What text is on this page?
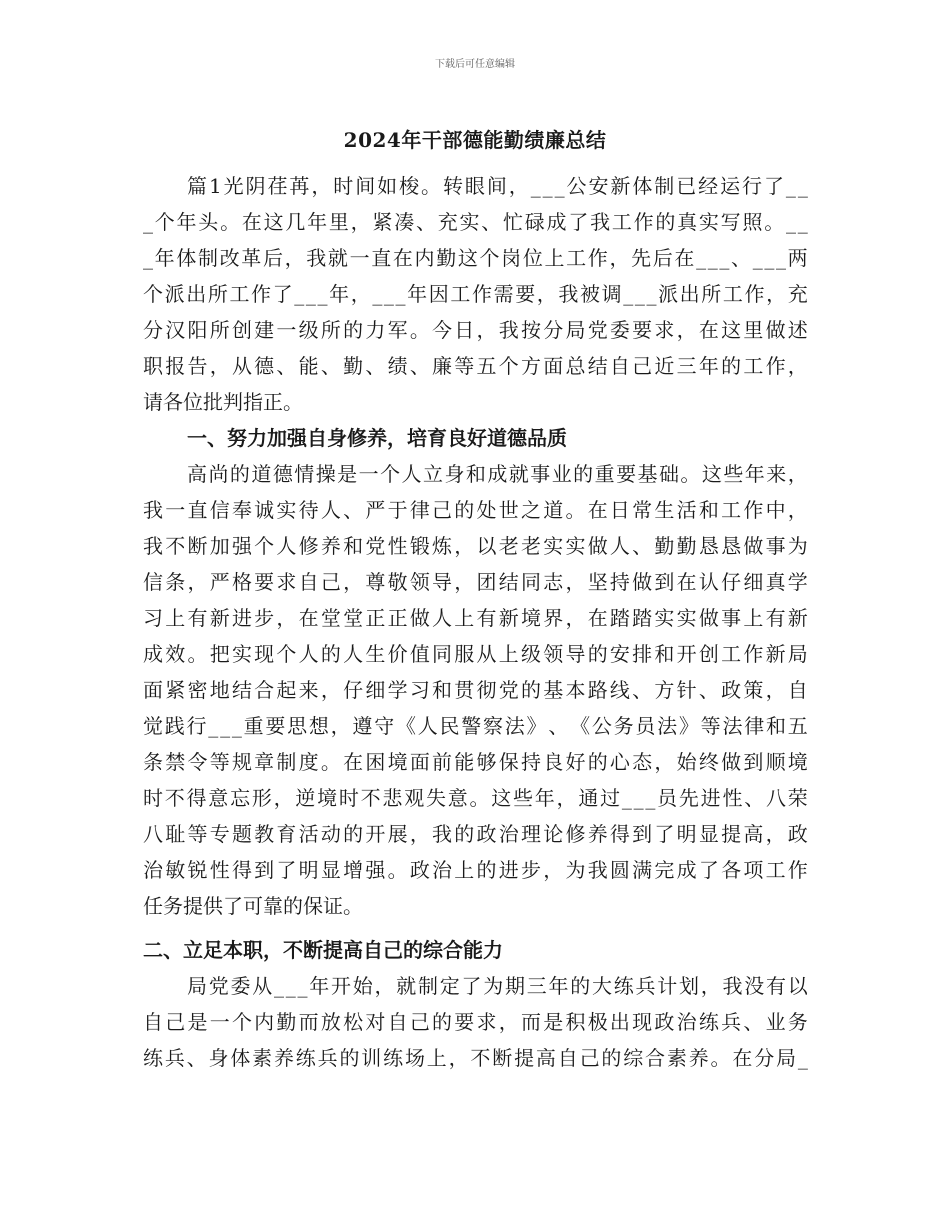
下载后可任意编辑
2024年干部德能勤绩廉总结
篇 1 光 阴 荏 苒 ， 时 间 如 梭 。 转 眼 间 ， _ _ _ 公 安 新 体 制 已 经 运 行 了 _ _
_ 个 年 头 。 在 这 几 年 里 ， 紧 凑 、 充 实 、 忙 碌 成 了 我 工 作 的 真 实 写 照 。 _ _
_ 年 体 制 改 革 后 ， 我 就 一 直 在 内 勤 这 个 岗 位 上 工 作 ， 先 后 在 _ _ _ 、 _ _ _ 两
个 派 出 所 工 作 了 _ _ _ 年 ， _ _ _ 年 因 工 作 需 要 ， 我 被 调 _ _ _ 派 出 所 工 作 ， 充
分 汉 阳 所 创 建 一 级 所 的 力 军 。 今 日 ， 我 按 分 局 党 委 要 求 ， 在 这 里 做 述
职 报 告 ， 从 德 、 能 、 勤 、 绩 、 廉 等 五 个 方 面 总 结 自 己 近 三 年 的 工 作 ，
请各位批判指正。
一、努力加强自身修养，培育良好道德品质
高 尚 的 道 德 情 操 是 一 个 人 立 身 和 成 就 事 业 的 重 要 基 础 。 这 些 年 来 ，
我 一 直 信 奉 诚 实 待 人 、 严 于 律 己 的 处 世 之 道 。 在 日 常 生 活 和 工 作 中 ，
我 不 断 加 强 个 人 修 养 和 党 性 锻 炼 ， 以 老 老 实 实 做 人 、 勤 勤 恳 恳 做 事 为
信 条 ， 严 格 要 求 自 己 ， 尊 敬 领 导 ， 团 结 同 志 ， 坚 持 做 到 在 认 仔 细 真 学
习 上 有 新 进 步 ， 在 堂 堂 正 正 做 人 上 有 新 境 界 ， 在 踏 踏 实 实 做 事 上 有 新
成 效 。 把 实 现 个 人 的 人 生 价 值 同 服 从 上 级 领 导 的 安 排 和 开 创 工 作 新 局
面 紧 密 地 结 合 起 来 ， 仔 细 学 习 和 贯 彻 党 的 基 本 路 线 、 方 针 、 政 策 ， 自
觉 践 行 _ _ _ 重 要 思 想 ， 遵 守 《 人 民 警 察 法 》 、 《 公 务 员 法 》 等 法 律 和 五
条 禁 令 等 规 章 制 度 。 在 困 境 面 前 能 够 保 持 良 好 的 心 态 ， 始 终 做 到 顺 境
时 不 得 意 忘 形 ， 逆 境 时 不 悲 观 失 意 。 这 些 年 ， 通 过 _ _ _ 员 先 进 性 、 八 荣
八 耻 等 专 题 教 育 活 动 的 开 展 ， 我 的 政 治 理 论 修 养 得 到 了 明 显 提 高 ， 政
治 敏 锐 性 得 到 了 明 显 增 强 。 政 治 上 的 进 步 ， 为 我 圆 满 完 成 了 各 项 工 作
任务提供了可靠的保证。
二、立足本职，不断提高自己的综合能力
局 党 委 从 _ _ _ 年 开 始 ， 就 制 定 了 为 期 三 年 的 大 练 兵 计 划 ， 我 没 有 以
自 己 是 一 个 内 勤 而 放 松 对 自 己 的 要 求 ， 而 是 积 极 出 现 政 治 练 兵 、 业 务
练 兵 、 身 体 素 养 练 兵 的 训 练 场 上 ， 不 断 提 高 自 己 的 综 合 素 养 。 在 分 局 _
